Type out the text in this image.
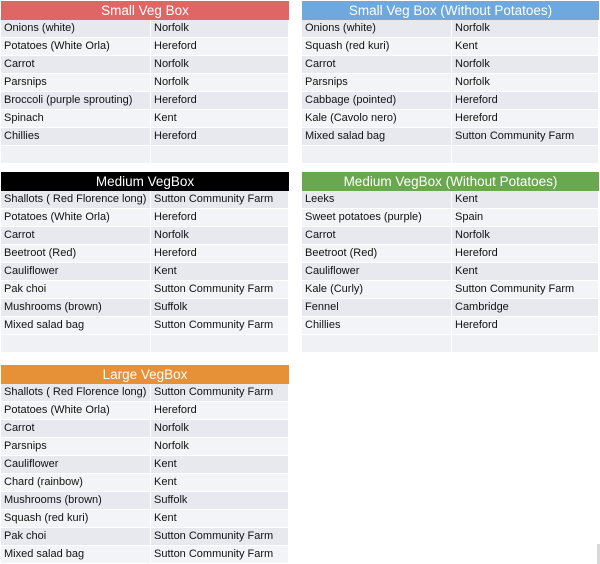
Small Veg Box
Onions (white)	Norfolk
Potatoes (White Orla)	Hereford
Carrot	Norfolk
Parsnips	Norfolk
Broccoli (purple sprouting)	Hereford
Spinach	Kent
Chillies	Hereford

Small Veg Box (Without Potatoes)
Onions (white)	Norfolk
Squash (red kuri)	Kent
Carrot	Norfolk
Parsnips	Norfolk
Cabbage (pointed)	Hereford
Kale (Cavolo nero)	Hereford
Mixed salad bag	Sutton Community Farm

Medium VegBox
Shallots ( Red Florence long)	Sutton Community Farm
Potatoes (White Orla)	Hereford
Carrot	Norfolk
Beetroot (Red)	Hereford
Cauliflower	Kent
Pak choi	Sutton Community Farm
Mushrooms (brown)	Suffolk
Mixed salad bag	Sutton Community Farm

Medium VegBox (Without Potatoes)
Leeks	Kent
Sweet potatoes (purple)	Spain
Carrot	Norfolk
Beetroot (Red)	Hereford
Cauliflower	Kent
Kale (Curly)	Sutton Community Farm
Fennel	Cambridge
Chillies	Hereford

Large VegBox
Shallots ( Red Florence long)	Sutton Community Farm
Potatoes (White Orla)	Hereford
Carrot	Norfolk
Parsnips	Norfolk
Cauliflower	Kent
Chard (rainbow)	Kent
Mushrooms (brown)	Suffolk
Squash (red kuri)	Kent
Pak choi	Sutton Community Farm
Mixed salad bag	Sutton Community Farm
